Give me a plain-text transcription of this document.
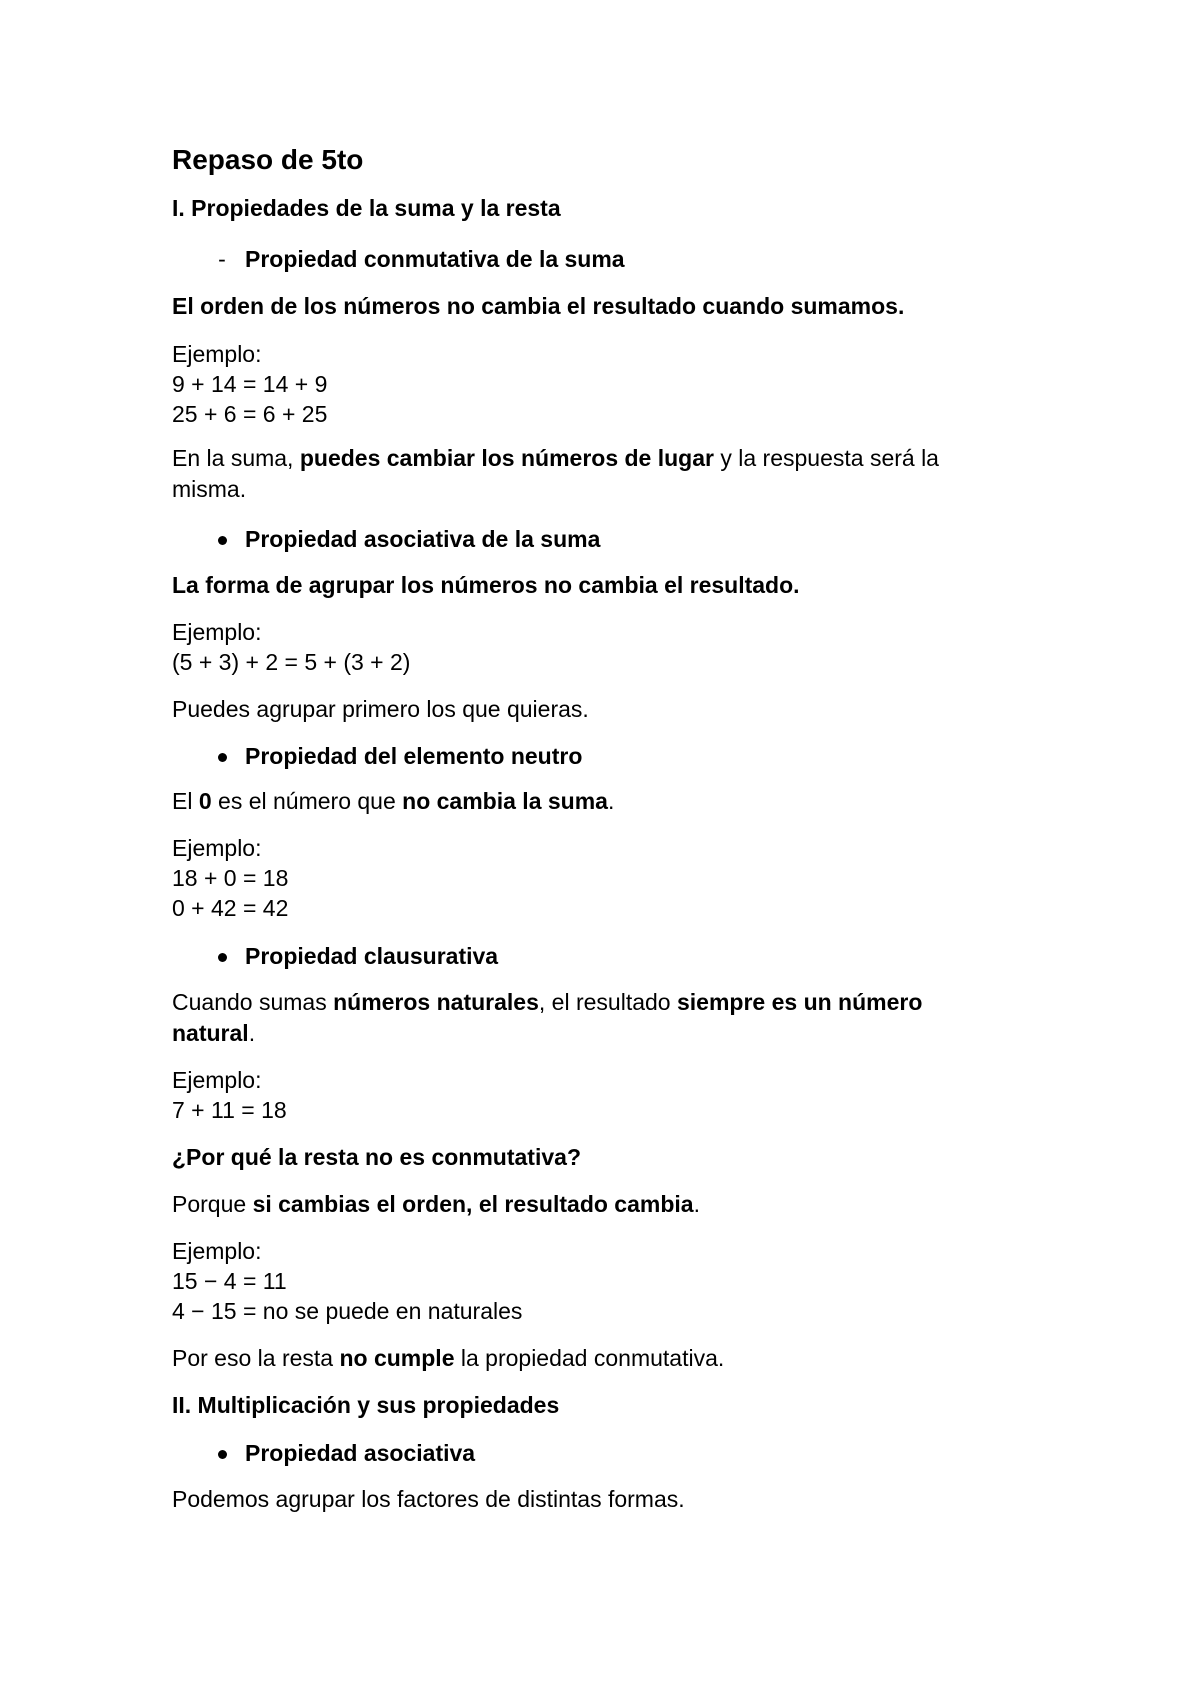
Repaso de 5to
I. Propiedades de la suma y la resta
- Propiedad conmutativa de la suma
El orden de los números no cambia el resultado cuando sumamos.
Ejemplo:
9 + 14 = 14 + 9
25 + 6 = 6 + 25

En la suma, puedes cambiar los números de lugar y la respuesta será la misma.

Propiedad asociativa de la suma
La forma de agrupar los números no cambia el resultado.
Ejemplo:
(5 + 3) + 2 = 5 + (3 + 2)
Puedes agrupar primero los que quieras.
Propiedad del elemento neutro
El 0 es el número que no cambia la suma.
Ejemplo:
18 + 0 = 18
0 + 42 = 42
Propiedad clausurativa

Cuando sumas números naturales, el resultado siempre es un número natural.

Ejemplo:
7 + 11 = 18
¿Por qué la resta no es conmutativa?
Porque si cambias el orden, el resultado cambia.
Ejemplo:
15 − 4 = 11
4 − 15 = no se puede en naturales
Por eso la resta no cumple la propiedad conmutativa.
II. Multiplicación y sus propiedades
Propiedad asociativa
Podemos agrupar los factores de distintas formas.
